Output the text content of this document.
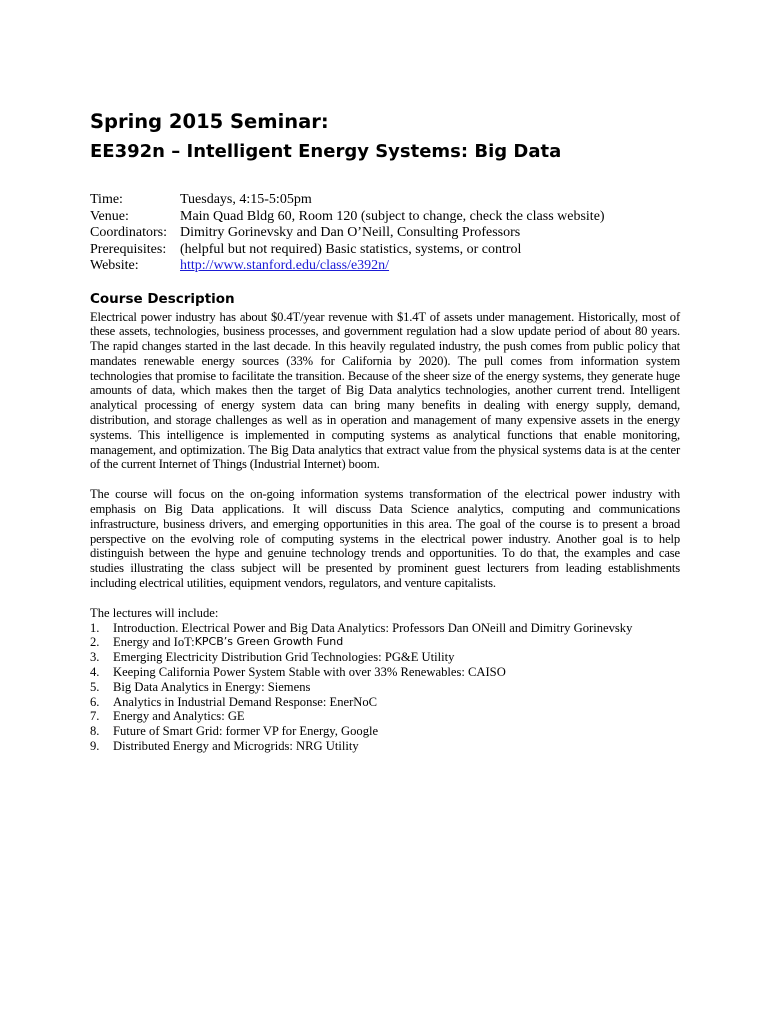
Spring 2015 Seminar:
EE392n – Intelligent Energy Systems: Big Data
Time:	Tuesdays, 4:15-5:05pm
Venue:	Main Quad Bldg 60, Room 120 (subject to change, check the class website)
Coordinators: Dimitry Gorinevsky and Dan O’Neill, Consulting Professors
Prerequisites: (helpful but not required) Basic statistics, systems, or control
Website:	http://www.stanford.edu/class/e392n/
Course Description

Electrical power industry has about $0.4T/year revenue with $1.4T of assets under management. Historically, most of these assets, technologies, business processes, and government regulation had a slow update period of about 80 years. The rapid changes started in the last decade. In this heavily regulated industry, the push comes from public policy that mandates renewable energy sources (33% for California by 2020). The pull comes from information system technologies that promise to facilitate the transition. Because of the sheer size of the energy systems, they generate huge amounts of data, which makes then the target of Big Data analytics technologies, another current trend. Intelligent analytical processing of energy system data can bring many benefits in dealing with energy supply, demand, distribution, and storage challenges as well as in operation and management of many expensive assets in the energy systems. This intelligence is implemented in computing systems as analytical functions that enable monitoring, management, and optimization. The Big Data analytics that extract value from the physical systems data is at the center of the current Internet of Things (Industrial Internet) boom.

The course will focus on the on-going information systems transformation of the electrical power industry with emphasis on Big Data applications. It will discuss Data Science analytics, computing and communications infrastructure, business drivers, and emerging opportunities in this area. The goal of the course is to present a broad perspective on the evolving role of computing systems in the electrical power industry. Another goal is to help distinguish between the hype and genuine technology trends and opportunities. To do that, the examples and case studies illustrating the class subject will be presented by prominent guest lecturers from leading establishments including electrical utilities, equipment vendors, regulators, and venture capitalists.

The lectures will include:

1.	Introduction. Electrical Power and Big Data Analytics: Professors Dan ONeill and Dimitry Gorinevsky
2.	Energy and IoT: KPCB’s Green Growth Fund
3.	Emerging Electricity Distribution Grid Technologies: PG&E Utility
4.	Keeping California Power System Stable with over 33% Renewables: CAISO
5.	Big Data Analytics in Energy: Siemens
6.	Analytics in Industrial Demand Response: EnerNoC
7.	Energy and Analytics: GE
8.	Future of Smart Grid: former VP for Energy, Google
9.	Distributed Energy and Microgrids: NRG Utility
